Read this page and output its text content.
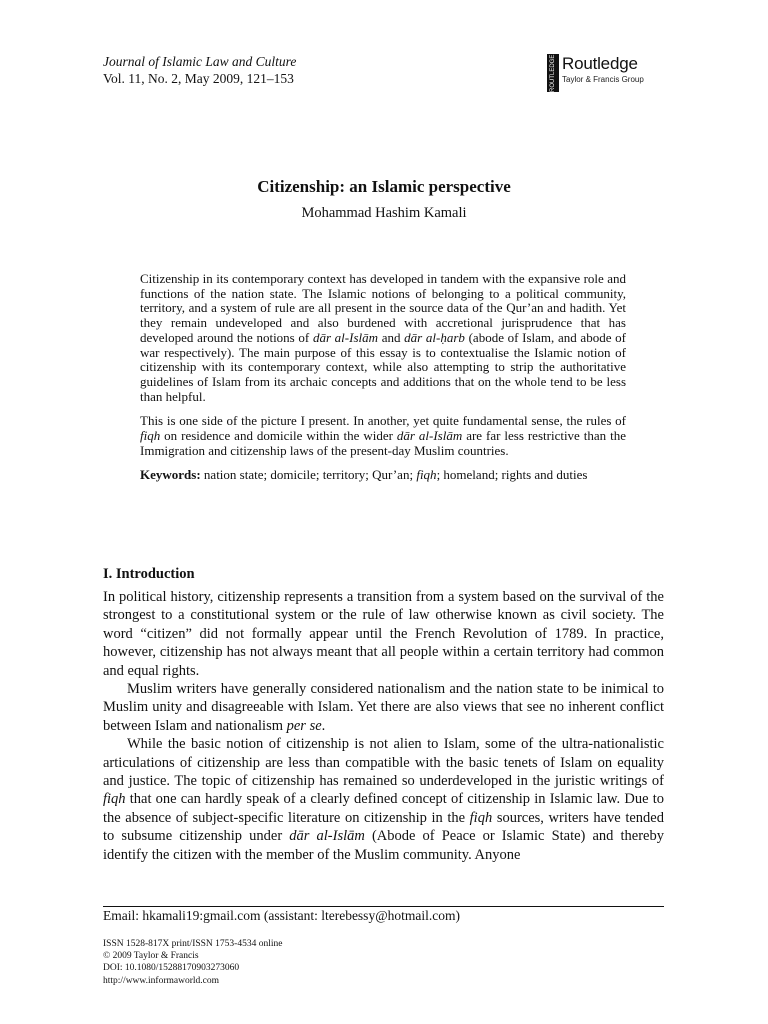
Journal of Islamic Law and Culture
Vol. 11, No. 2, May 2009, 121–153	ROUTLEDGE Routledge
Taylor & Francis Group
Citizenship: an Islamic perspective
Mohammad Hashim Kamali

Citizenship in its contemporary context has developed in tandem with the expansive role and functions of the nation state. The Islamic notions of belonging to a political community, territory, and a system of rule are all present in the source data of the Qur’an and hadith. Yet they remain undeveloped and also burdened with accretional jurisprudence that has developed around the notions of dār al-Islām and dār al-ḥarb (abode of Islam, and abode of war respectively). The main purpose of this essay is to contextualise the Islamic notion of citizenship with its contemporary context, while also attempting to strip the authoritative guidelines of Islam from its archaic concepts and additions that on the whole tend to be less than helpful.

This is one side of the picture I present. In another, yet quite fundamental sense, the rules of fiqh on residence and domicile within the wider dār al-Islām are far less restrictive than the Immigration and citizenship laws of the present-day Muslim countries.

Keywords: nation state; domicile; territory; Qur’an; fiqh; homeland; rights and duties

I. Introduction

In political history, citizenship represents a transition from a system based on the survival of the strongest to a constitutional system or the rule of law otherwise known as civil society. The word “citizen” did not formally appear until the French Revolution of 1789. In practice, however, citizenship has not always meant that all people within a certain territory had common and equal rights.

Muslim writers have generally considered nationalism and the nation state to be inimical to Muslim unity and disagreeable with Islam. Yet there are also views that see no inherent conflict between Islam and nationalism per se.

While the basic notion of citizenship is not alien to Islam, some of the ultra-nationalistic articulations of citizenship are less than compatible with the basic tenets of Islam on equality and justice. The topic of citizenship has remained so underdeveloped in the juristic writings of fiqh that one can hardly speak of a clearly defined concept of citizenship in Islamic law. Due to the absence of subject-specific literature on citizenship in the fiqh sources, writers have tended to subsume citizenship under dār al-Islām (Abode of Peace or Islamic State) and thereby identify the citizen with the member of the Muslim community. Anyone

Email: hkamali19:gmail.com (assistant: lterebessy@hotmail.com)
ISSN 1528-817X print/ISSN 1753-4534 online
© 2009 Taylor & Francis
DOI: 10.1080/15288170903273060
http://www.informaworld.com
